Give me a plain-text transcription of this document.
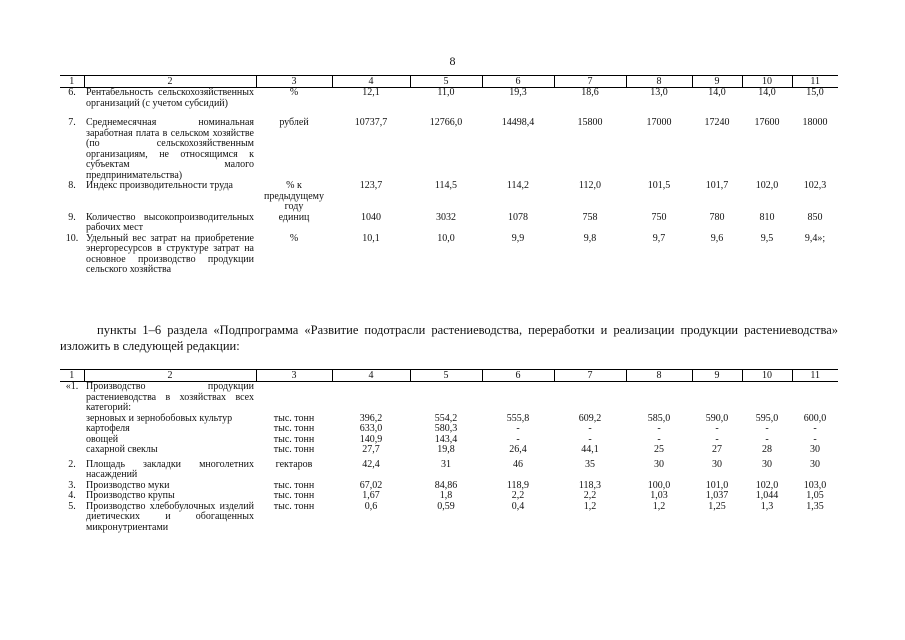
8
1	2	3	4	5	6	7	8	9	10	11
6.	Рентабельность сельскохозяйственных организаций (с учетом субсидий)	%	12,1	11,0	19,3	18,6	13,0	14,0	14,0	15,0
7.	Среднемесячная номинальная заработная плата в сельском хозяйстве (по сельскохозяйственным организациям, не относящимся к субъектам малого предпринимательства)	рублей	10737,7	12766,0	14498,4	15800	17000	17240	17600	18000
8.	Индекс производительности труда	% к предыдущему году	123,7	114,5	114,2	112,0	101,5	101,7	102,0	102,3
9.	Количество высокопроизводительных рабочих мест	единиц	1040	3032	1078	758	750	780	810	850
10.	Удельный вес затрат на приобретение энергоресурсов в структуре затрат на основное производство продукции сельского хозяйства	%	10,1	10,0	9,9	9,8	9,7	9,6	9,5	9,4»;
пункты 1–6 раздела «Подпрограмма «Развитие подотрасли растениеводства, переработки и реализации продукции растениеводства» изложить в следующей редакции:
1	2	3	4	5	6	7	8	9	10	11
«1.	Производство продукции растениеводства в хозяйствах всех категорий:									
	зерновых и зернобобовых культур	тыс. тонн	396,2	554,2	555,8	609,2	585,0	590,0	595,0	600,0
	картофеля	тыс. тонн	633,0	580,3	-	-	-	-	-	-
	овощей	тыс. тонн	140,9	143,4	-	-	-	-	-	-
	сахарной свеклы	тыс. тонн	27,7	19,8	26,4	44,1	25	27	28	30
2.	Площадь закладки многолетних насаждений	гектаров	42,4	31	46	35	30	30	30	30
3.	Производство муки	тыс. тонн	67,02	84,86	118,9	118,3	100,0	101,0	102,0	103,0
4.	Производство крупы	тыс. тонн	1,67	1,8	2,2	2,2	1,03	1,037	1,044	1,05
5.	Производство хлебобулочных изделий диетических и обогащенных микронутриентами	тыс. тонн	0,6	0,59	0,4	1,2	1,2	1,25	1,3	1,35
